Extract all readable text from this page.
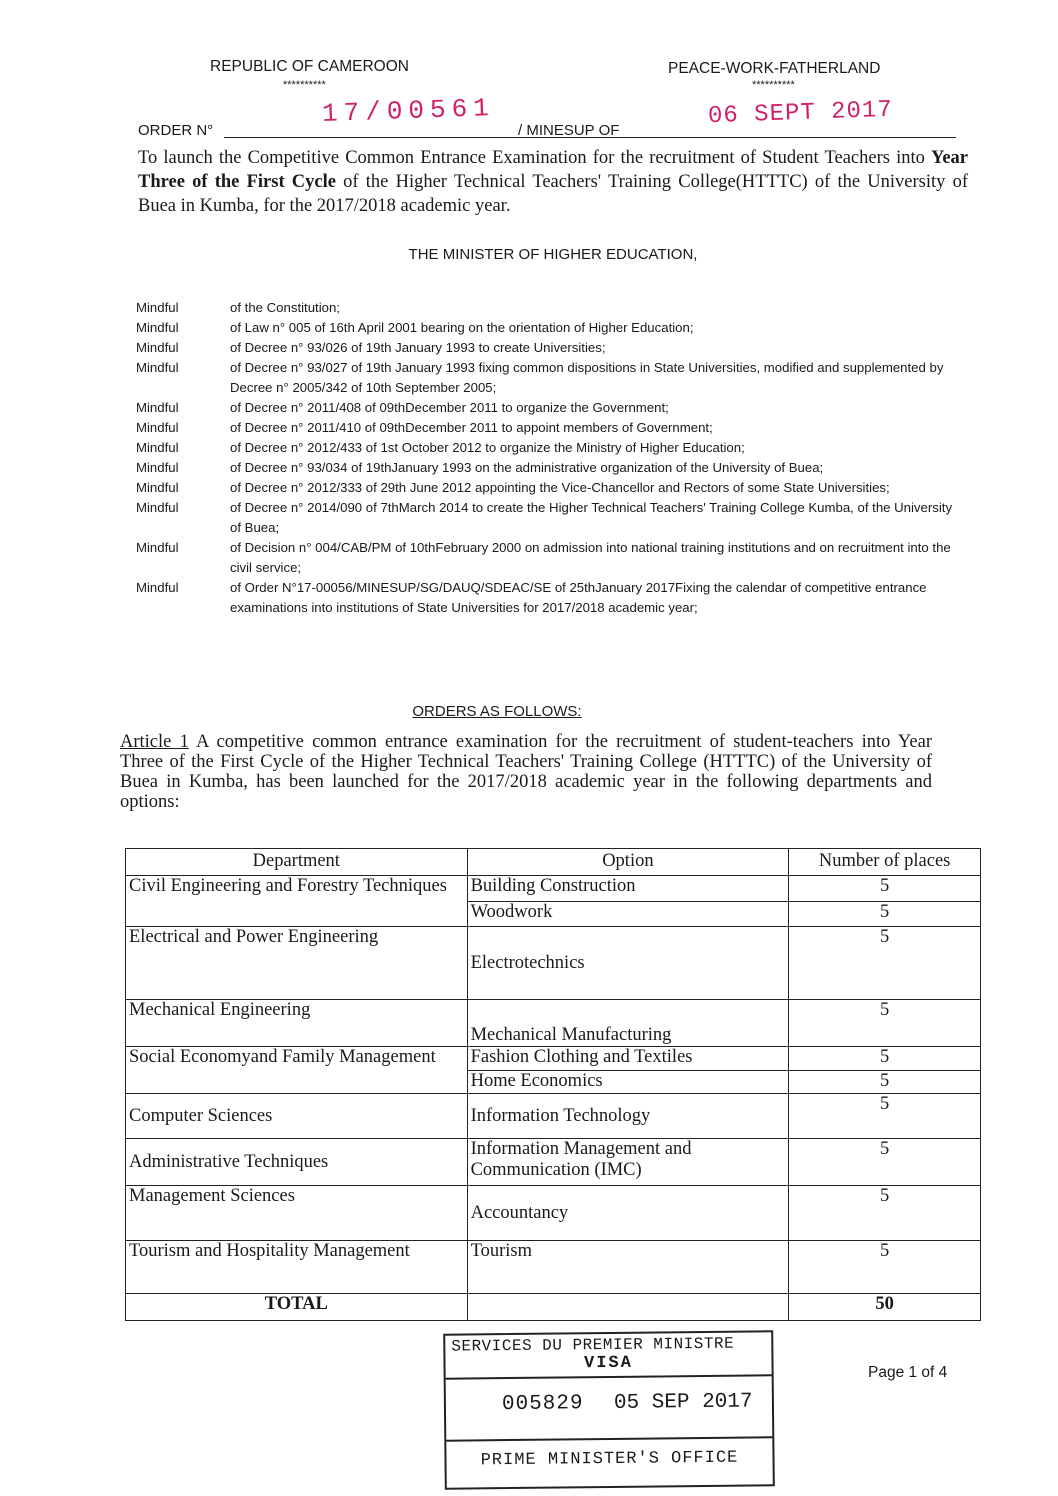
REPUBLIC OF CAMEROON
**********
PEACE-WORK-FATHERLAND
**********
17/00561	06 SEPT 2017
ORDER N°	/ MINESUP OF
To launch the Competitive Common Entrance Examination for the recruitment of Student Teachers into Year Three of the First Cycle of the Higher Technical Teachers' Training College(HTTTC) of the University of Buea in Kumba, for the 2017/2018 academic year.
THE MINISTER OF HIGHER EDUCATION,
Mindful	of the Constitution;
Mindful	of Law n° 005 of 16th April 2001 bearing on the orientation of Higher Education;
Mindful	of Decree n° 93/026 of 19th January 1993 to create Universities;
Mindful	of Decree n° 93/027 of 19th January 1993 fixing common dispositions in State Universities, modified and supplemented by Decree n° 2005/342 of 10th September 2005;
Mindful	of Decree n° 2011/408 of 09thDecember 2011 to organize the Government;
Mindful	of Decree n° 2011/410 of 09thDecember 2011 to appoint members of Government;
Mindful	of Decree n° 2012/433 of 1st October 2012 to organize the Ministry of Higher Education;
Mindful	of Decree n° 93/034 of 19thJanuary 1993 on the administrative organization of the University of Buea;
Mindful	of Decree n° 2012/333 of 29th June 2012 appointing the Vice-Chancellor and Rectors of some State Universities;
Mindful	of Decree n° 2014/090 of 7thMarch 2014 to create the Higher Technical Teachers' Training College Kumba, of the University of Buea;
Mindful	of Decision n° 004/CAB/PM of 10thFebruary 2000 on admission into national training institutions and on recruitment into the civil service;
Mindful	of Order N°17-00056/MINESUP/SG/DAUQ/SDEAC/SE of 25thJanuary 2017Fixing the calendar of competitive entrance examinations into institutions of State Universities for 2017/2018 academic year;
ORDERS AS FOLLOWS:
Article 1 A competitive common entrance examination for the recruitment of student-teachers into Year Three of the First Cycle of the Higher Technical Teachers' Training College (HTTTC) of the University of Buea in Kumba, has been launched for the 2017/2018 academic year in the following departments and options:
Department	Option	Number of places
Civil Engineering and Forestry Techniques	Building Construction	5
	Woodwork	5
Electrical and Power Engineering	Electrotechnics	5
Mechanical Engineering	Mechanical Manufacturing	5
Social Economyand Family Management	Fashion Clothing and Textiles	5
	Home Economics	5
Computer Sciences	Information Technology	5
Administrative Techniques	Information Management and Communication (IMC)	5
Management Sciences	Accountancy	5
Tourism and Hospitality Management	Tourism	5
TOTAL		50
SERVICES DU PREMIER MINISTRE
VISA
005829 05 SEP 2017
PRIME MINISTER'S OFFICE
Page 1 of 4
